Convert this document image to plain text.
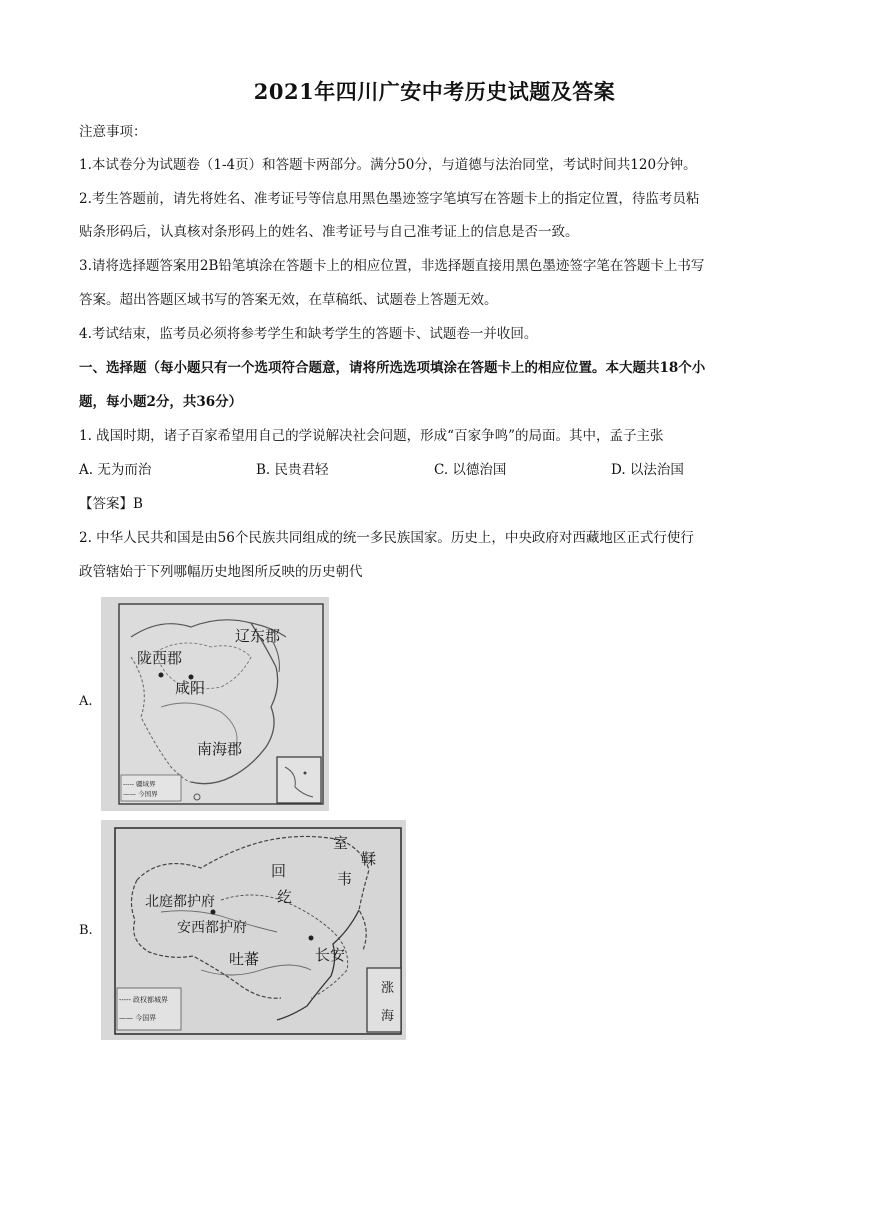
2021年四川广安中考历史试题及答案

注意事项：

1.本试卷分为试题卷（1-4页）和答题卡两部分。满分50分，与道德与法治同堂，考试时间共120分钟。

2.考生答题前，请先将姓名、准考证号等信息用黑色墨迹签字笔填写在答题卡上的指定位置，待监考员粘

贴条形码后，认真核对条形码上的姓名、准考证号与自己准考证上的信息是否一致。

3.请将选择题答案用2B铅笔填涂在答题卡上的相应位置，非选择题直接用黑色墨迹签字笔在答题卡上书写

答案。超出答题区域书写的答案无效，在草稿纸、试题卷上答题无效。

4.考试结束，监考员必须将参考学生和缺考学生的答题卡、试题卷一并收回。

一、选择题（每小题只有一个选项符合题意，请将所选选项填涂在答题卡上的相应位置。本大题共18个小

题，每小题2分，共36分）

1. 战国时期，诸子百家希望用自己的学说解决社会问题，形成“百家争鸣”的局面。其中，孟子主张

A. 无为而治	B. 民贵君轻	C. 以德治国	D. 以法治国

【答案】B

2. 中华人民共和国是由56个民族共同组成的统一多民族国家。历史上，中央政府对西藏地区正式行使行

政管辖始于下列哪幅历史地图所反映的历史朝代

A.
辽东郡
陇西郡
咸阳
南海郡
----- 疆域界
—— 今国界
B.
室
鞣
回
纥
韦
北庭都护府
安西都护府
吐蕃	长安
涨
海
----- 政权都城界
—— 今国界
